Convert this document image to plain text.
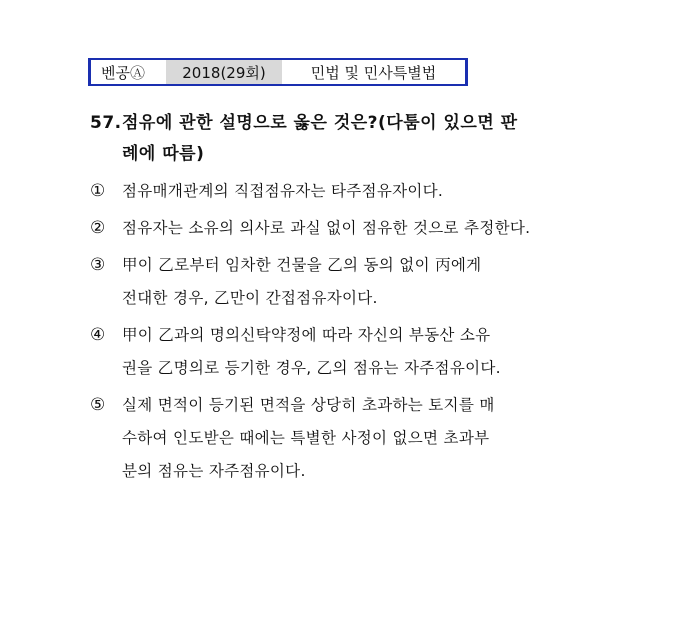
벤공Ⓐ	2018(29회)	민법 및 민사특별법
57.점유에 관한 설명으로 옳은 것은?(다툼이 있으면 판
례에 따름)
①	점유매개관계의 직접점유자는 타주점유자이다.
②	점유자는 소유의 의사로 과실 없이 점유한 것으로 추정한다.
③	甲이 乙로부터 임차한 건물을 乙의 동의 없이 丙에게
전대한 경우, 乙만이 간접점유자이다.
④	甲이 乙과의 명의신탁약정에 따라 자신의 부동산 소유
권을 乙명의로 등기한 경우, 乙의 점유는 자주점유이다.
⑤	실제 면적이 등기된 면적을 상당히 초과하는 토지를 매
수하여 인도받은 때에는 특별한 사정이 없으면 초과부
분의 점유는 자주점유이다.
